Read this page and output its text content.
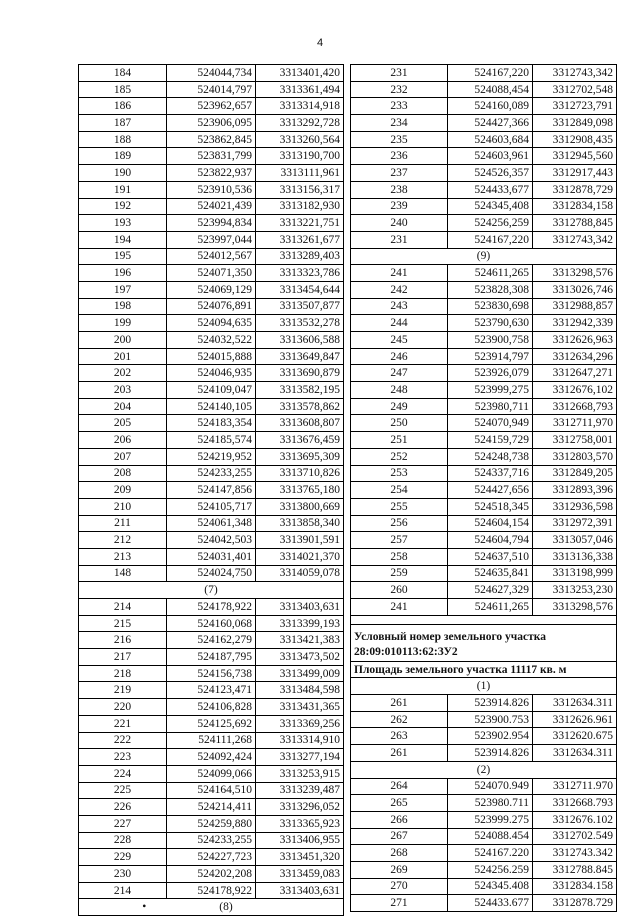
4
184	524044,734	3313401,420
185	524014,797	3313361,494
186	523962,657	3313314,918
187	523906,095	3313292,728
188	523862,845	3313260,564
189	523831,799	3313190,700
190	523822,937	3313111,961
191	523910,536	3313156,317
192	524021,439	3313182,930
193	523994,834	3313221,751
194	523997,044	3313261,677
195	524012,567	3313289,403
196	524071,350	3313323,786
197	524069,129	3313454,644
198	524076,891	3313507,877
199	524094,635	3313532,278
200	524032,522	3313606,588
201	524015,888	3313649,847
202	524046,935	3313690,879
203	524109,047	3313582,195
204	524140,105	3313578,862
205	524183,354	3313608,807
206	524185,574	3313676,459
207	524219,952	3313695,309
208	524233,255	3313710,826
209	524147,856	3313765,180
210	524105,717	3313800,669
211	524061,348	3313858,340
212	524042,503	3313901,591
213	524031,401	3314021,370
148	524024,750	3314059,078
(7)		
214	524178,922	3313403,631
215	524160,068	3313399,193
216	524162,279	3313421,383
217	524187,795	3313473,502
218	524156,738	3313499,009
219	524123,471	3313484,598
220	524106,828	3313431,365
221	524125,692	3313369,256
222	524111,268	3313314,910
223	524092,424	3313277,194
224	524099,066	3313253,915
225	524164,510	3313239,487
226	524214,411	3313296,052
227	524259,880	3313365,923
228	524233,255	3313406,955
229	524227,723	3313451,320
230	524202,208	3313459,083
214	524178,922	3313403,631
• (8)		
231	524167,220	3312743,342
232	524088,454	3312702,548
233	524160,089	3312723,791
234	524427,366	3312849,098
235	524603,684	3312908,435
236	524603,961	3312945,560
237	524526,357	3312917,443
238	524433,677	3312878,729
239	524345,408	3312834,158
240	524256,259	3312788,845
231	524167,220	3312743,342
(9)		
241	524611,265	3313298,576
242	523828,308	3313026,746
243	523830,698	3312988,857
244	523790,630	3312942,339
245	523900,758	3312626,963
246	523914,797	3312634,296
247	523926,079	3312647,271
248	523999,275	3312676,102
249	523980,711	3312668,793
250	524070,949	3312711,970
251	524159,729	3312758,001
252	524248,738	3312803,570
253	524337,716	3312849,205
254	524427,656	3312893,396
255	524518,345	3312936,598
256	524604,154	3312972,391
257	524604,794	3313057,046
258	524637,510	3313136,338
259	524635,841	3313198,999
260	524627,329	3313253,230
241	524611,265	3313298,576

Условный номер земельного участка 28:09:010113:62:ЗУ2		
Площадь земельного участка 11117 кв. м		
(1)		
261	523914.826	3312634.311
262	523900.753	3312626.961
263	523902.954	3312620.675
261	523914.826	3312634.311
(2)		
264	524070.949	3312711.970
265	523980.711	3312668.793
266	523999.275	3312676.102
267	524088.454	3312702.549
268	524167.220	3312743.342
269	524256.259	3312788.845
270	524345.408	3312834.158
271	524433.677	3312878.729
